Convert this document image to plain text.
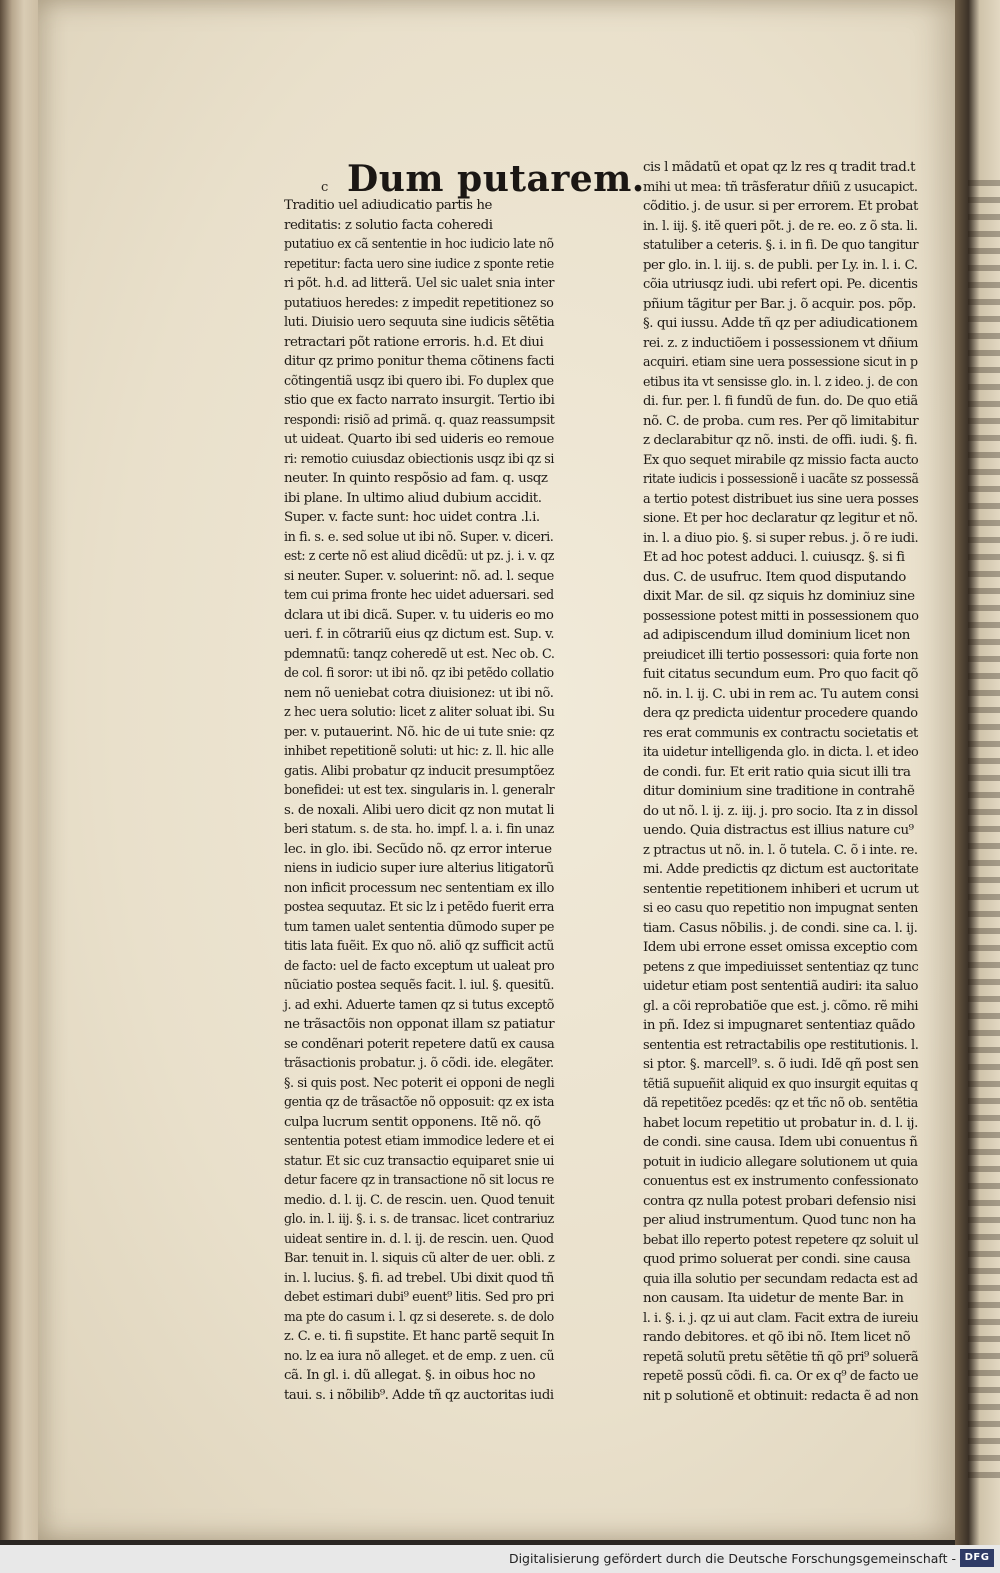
c Dum putarem.
Traditio uel adiudicatio partis he
reditatis: z solutio facta coheredi
putatiuo ex cã sententie in hoc iudicio late nõ
repetitur: facta uero sine iudice z sponte retie
ri põt. h.d. ad litterã. Uel sic ualet snia inter
putatiuos heredes: z impedit repetitionez so
luti. Diuisio uero sequuta sine iudicis sẽtẽtia
retractari põt ratione erroris. h.d. Et diui
ditur qz primo ponitur thema cõtinens facti
cõtingentiã usqz ibi quero ibi. Fo duplex que
stio que ex facto narrato insurgit. Tertio ibi
respondi: risiõ ad primã. q. quaz reassumpsit
ut uideat. Quarto ibi sed uideris eo remoue
ri: remotio cuiusdaz obiectionis usqz ibi qz si
neuter. In quinto respõsio ad fam. q. usqz
ibi plane. In ultimo aliud dubium accidit.
Super. v. facte sunt: hoc uidet contra .l.i.
in fi. s. e. sed solue ut ibi nõ. Super. v. diceri.
est: z certe nõ est aliud dicẽdũ: ut pz. j. i. v. qz
si neuter. Super. v. soluerint: nõ. ad. l. seque
tem cui prima fronte hec uidet aduersari. sed
dclara ut ibi dicã. Super. v. tu uideris eo mo
ueri. f. in cõtrariũ eius qz dictum est. Sup. v.
pdemnatũ: tanqz coheredẽ ut est. Nec ob. C.
de col. fi soror: ut ibi nõ. qz ibi petẽdo collatio
nem nõ ueniebat cotra diuisionez: ut ibi nõ.
z hec uera solutio: licet z aliter soluat ibi. Su
per. v. putauerint. Nõ. hic de ui tute snie: qz
inhibet repetitionẽ soluti: ut hic: z. ll. hic alle
gatis. Alibi probatur qz inducit presumptõez
bonefidei: ut est tex. singularis in. l. generalr
s. de noxali. Alibi uero dicit qz non mutat li
beri statum. s. de sta. ho. impf. l. a. i. fin unaz
lec. in glo. ibi. Secũdo nõ. qz error interue
niens in iudicio super iure alterius litigatorũ
non inficit processum nec sententiam ex illo
postea sequutaz. Et sic lz i petẽdo fuerit erra
tum tamen ualet sententia dũmodo super pe
titis lata fuẽit. Ex quo nõ. aliõ qz sufficit actũ
de facto: uel de facto exceptum ut ualeat pro
nũciatio postea sequẽs facit. l. iul. §. quesitũ.
j. ad exhi. Aduerte tamen qz si tutus exceptõ
ne trãsactõis non opponat illam sz patiatur
se condẽnari poterit repetere datũ ex causa
trãsactionis probatur. j. õ cõdi. ide. elegãter.
§. si quis post. Nec poterit ei opponi de negli
gentia qz de trãsactõe nõ opposuit: qz ex ista
culpa lucrum sentit opponens. Itẽ nõ. qõ
sententia potest etiam immodice ledere et ei
statur. Et sic cuz transactio equiparet snie ui
detur facere qz in transactione nõ sit locus re
medio. d. l. ij. C. de rescin. uen. Quod tenuit
glo. in. l. iij. §. i. s. de transac. licet contrariuz
uideat sentire in. d. l. ij. de rescin. uen. Quod
Bar. tenuit in. l. siquis cũ alter de uer. obli. z
in. l. lucius. §. fi. ad trebel. Ubi dixit quod tñ
debet estimari dubi⁹ euent⁹ litis. Sed pro pri
ma pte do casum i. l. qz si deserete. s. de dolo
z. C. e. ti. fi supstite. Et hanc partẽ sequit In
no. lz ea iura nõ alleget. et de emp. z uen. cũ
cã. In gl. i. dũ allegat. §. in oibus hoc no
taui. s. i nõbilib⁹. Adde tñ qz auctoritas iudi
cis l mãdatũ et opat qz lz res q tradit trad.t
mihi ut mea: tñ trãsferatur dñiũ z usucapict.
cõditio. j. de usur. si per errorem. Et probat
in. l. iij. §. itẽ queri põt. j. de re. eo. z õ sta. li.
statuliber a ceteris. §. i. in fi. De quo tangitur
per glo. in. l. iij. s. de publi. per Ly. in. l. i. C.
cõia utriusqz iudi. ubi refert opi. Pe. dicentis
pñium tãgitur per Bar. j. õ acquir. pos. põp.
§. qui iussu. Adde tñ qz per adiudicationem
rei. z. z inductiõem i possessionem vt dñium
acquiri. etiam sine uera possessione sicut in p
etibus ita vt sensisse glo. in. l. z ideo. j. de con
di. fur. per. l. fi fundũ de fun. do. De quo etiã
nõ. C. de proba. cum res. Per qõ limitabitur
z declarabitur qz nõ. insti. de offi. iudi. §. fi.
Ex quo sequet mirabile qz missio facta aucto
ritate iudicis i possessionẽ i uacãte sz possessã
a tertio potest distribuet ius sine uera posses
sione. Et per hoc declaratur qz legitur et nõ.
in. l. a diuo pio. §. si super rebus. j. õ re iudi.
Et ad hoc potest adduci. l. cuiusqz. §. si fi
dus. C. de usufruc. Item quod disputando
dixit Mar. de sil. qz siquis hz dominiuz sine
possessione potest mitti in possessionem quo
ad adipiscendum illud dominium licet non
preiudicet illi tertio possessori: quia forte non
fuit citatus secundum eum. Pro quo facit qõ
nõ. in. l. ij. C. ubi in rem ac. Tu autem consi
dera qz predicta uidentur procedere quando
res erat communis ex contractu societatis et
ita uidetur intelligenda glo. in dicta. l. et ideo
de condi. fur. Et erit ratio quia sicut illi tra
ditur dominium sine traditione in contrahẽ
do ut nõ. l. ij. z. iij. j. pro socio. Ita z in dissol
uendo. Quia distractus est illius nature cu⁹
z ptractus ut nõ. in. l. õ tutela. C. õ i inte. re.
mi. Adde predictis qz dictum est auctoritate
sententie repetitionem inhiberi et ucrum ut
si eo casu quo repetitio non impugnat senten
tiam. Casus nõbilis. j. de condi. sine ca. l. ij.
Idem ubi errone esset omissa exceptio com
petens z que impediuisset sententiaz qz tunc
uidetur etiam post sententiã audiri: ita saluo
gl. a cõi reprobatiõe que est. j. cõmo. rẽ mihi
in pñ. Idez si impugnaret sententiaz quãdo
sententia est retractabilis ope restitutionis. l.
si ptor. §. marcell⁹. s. õ iudi. Idẽ qñ post sen
tẽtiã supueñit aliquid ex quo insurgit equitas q
dã repetitõez pcedẽs: qz et tñc nõ ob. sentẽtia
habet locum repetitio ut probatur in. d. l. ij.
de condi. sine causa. Idem ubi conuentus ñ
potuit in iudicio allegare solutionem ut quia
conuentus est ex instrumento confessionato
contra qz nulla potest probari defensio nisi
per aliud instrumentum. Quod tunc non ha
bebat illo reperto potest repetere qz soluit ul
quod primo soluerat per condi. sine causa
quia illa solutio per secundam redacta est ad
non causam. Ita uidetur de mente Bar. in
l. i. §. i. j. qz ui aut clam. Facit extra de iureiu
rando debitores. et qõ ibi nõ. Item licet nõ
repetã solutũ pretu sẽtẽtie tñ qõ pri⁹ soluerã
repetẽ possũ cõdi. fi. ca. Or ex q⁹ de facto ue
nit p solutionẽ et obtinuit: redacta ẽ ad non
Digitalisierung gefördert durch die Deutsche Forschungsgemeinschaft - DFG
